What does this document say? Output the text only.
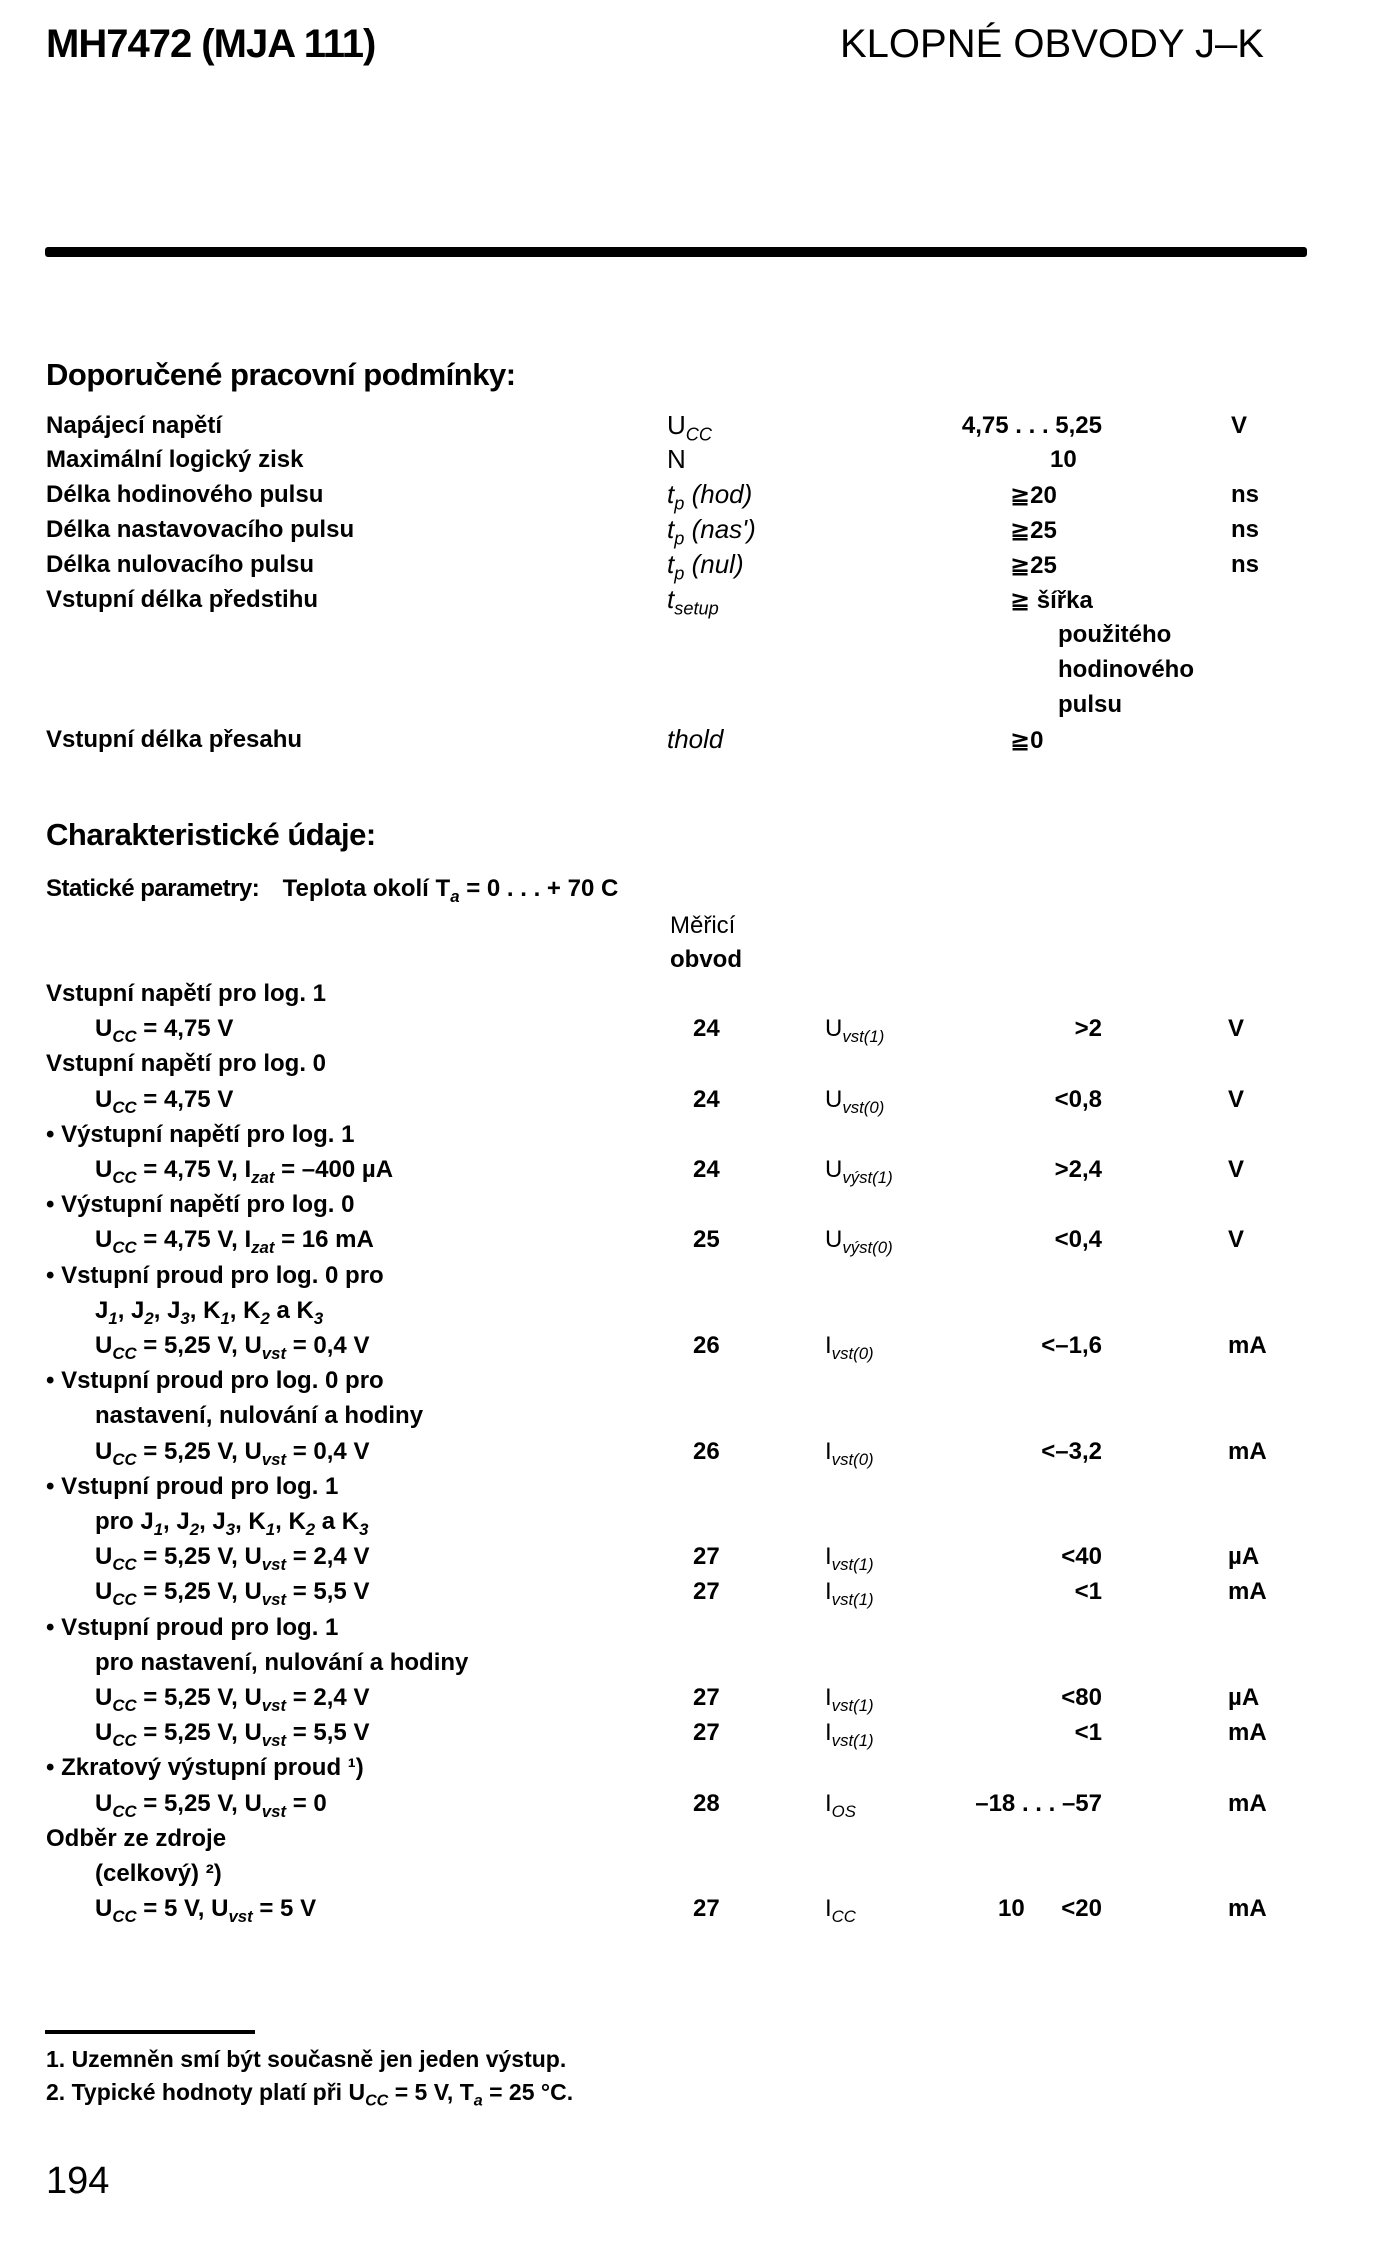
MH7472 (MJA 111)	KLOPNÉ OBVODY J–K
Doporučené pracovní podmínky:
Napájecí napětí	$U_{CC}$	4,75 . . . 5,25	V
Maximální logický zisk	N	10
Délka hodinového pulsu	$t_p$ (hod)	≧20	ns
Délka nastavovacího pulsu	$t_p$ (nas')	≧25	ns
Délka nulovacího pulsu	$t_p$ (nul)	≧25	ns
Vstupní délka předstihu	$t_{setup}$	≧ šířka
použitého
hodinového
pulsu
Vstupní délka přesahu	thold	≧0
Charakteristické údaje:
Statické parametry: Teplota okolí $T_a = 0$ . . . + 70 C
Měřicí
obvod
Vstupní napětí pro log. 1
$U_{CC} = 4,75$ V	24	$U_{vst(1)}$	>2	V
Vstupní napětí pro log. 0
$U_{CC} = 4,75$ V	24	$U_{vst(0)}$	<0,8	V
• Výstupní napětí pro log. 1
$U_{CC} = 4,75$ V, $I_{zat} = -400$ µA	24	$U_{výst(1)}$	>2,4	V
• Výstupní napětí pro log. 0
$U_{CC} = 4,75$ V, $I_{zat} = 16$ mA	25	$U_{výst(0)}$	<0,4	V
• Vstupní proud pro log. 0 pro
$J_1$, $J_2$, $J_3$, $K_1$, $K_2$ a $K_3$
$U_{CC} = 5,25$ V, $U_{vst} = 0,4$ V	26	$I_{vst(0)}$	<–1,6	mA
• Vstupní proud pro log. 0 pro
nastavení, nulování a hodiny
$U_{CC} = 5,25$ V, $U_{vst} = 0,4$ V	26	$I_{vst(0)}$	<–3,2	mA
• Vstupní proud pro log. 1
pro $J_1$, $J_2$, $J_3$, $K_1$, $K_2$ a $K_3$
$U_{CC} = 5,25$ V, $U_{vst} = 2,4$ V	27	$I_{vst(1)}$	<40	µA
$U_{CC} = 5,25$ V, $U_{vst} = 5,5$ V	27	$I_{vst(1)}$	<1	mA
• Vstupní proud pro log. 1
pro nastavení, nulování a hodiny
$U_{CC} = 5,25$ V, $U_{vst} = 2,4$ V	27	$I_{vst(1)}$	<80	µA
$U_{CC} = 5,25$ V, $U_{vst} = 5,5$ V	27	$I_{vst(1)}$	<1	mA
• Zkratový výstupní proud ¹)
$U_{CC} = 5,25$ V, $U_{vst} = 0$	28	$I_{OS}$	–18 . . . –57	mA
Odběr ze zdroje
(celkový) ²)
$U_{CC} = 5$ V, $U_{vst} = 5$ V	27	$I_{CC}$	10 <20	mA
1. Uzemněn smí být současně jen jeden výstup.
2. Typické hodnoty platí při $U_{CC} = 5$ V, $T_a = 25$ °C.
194
